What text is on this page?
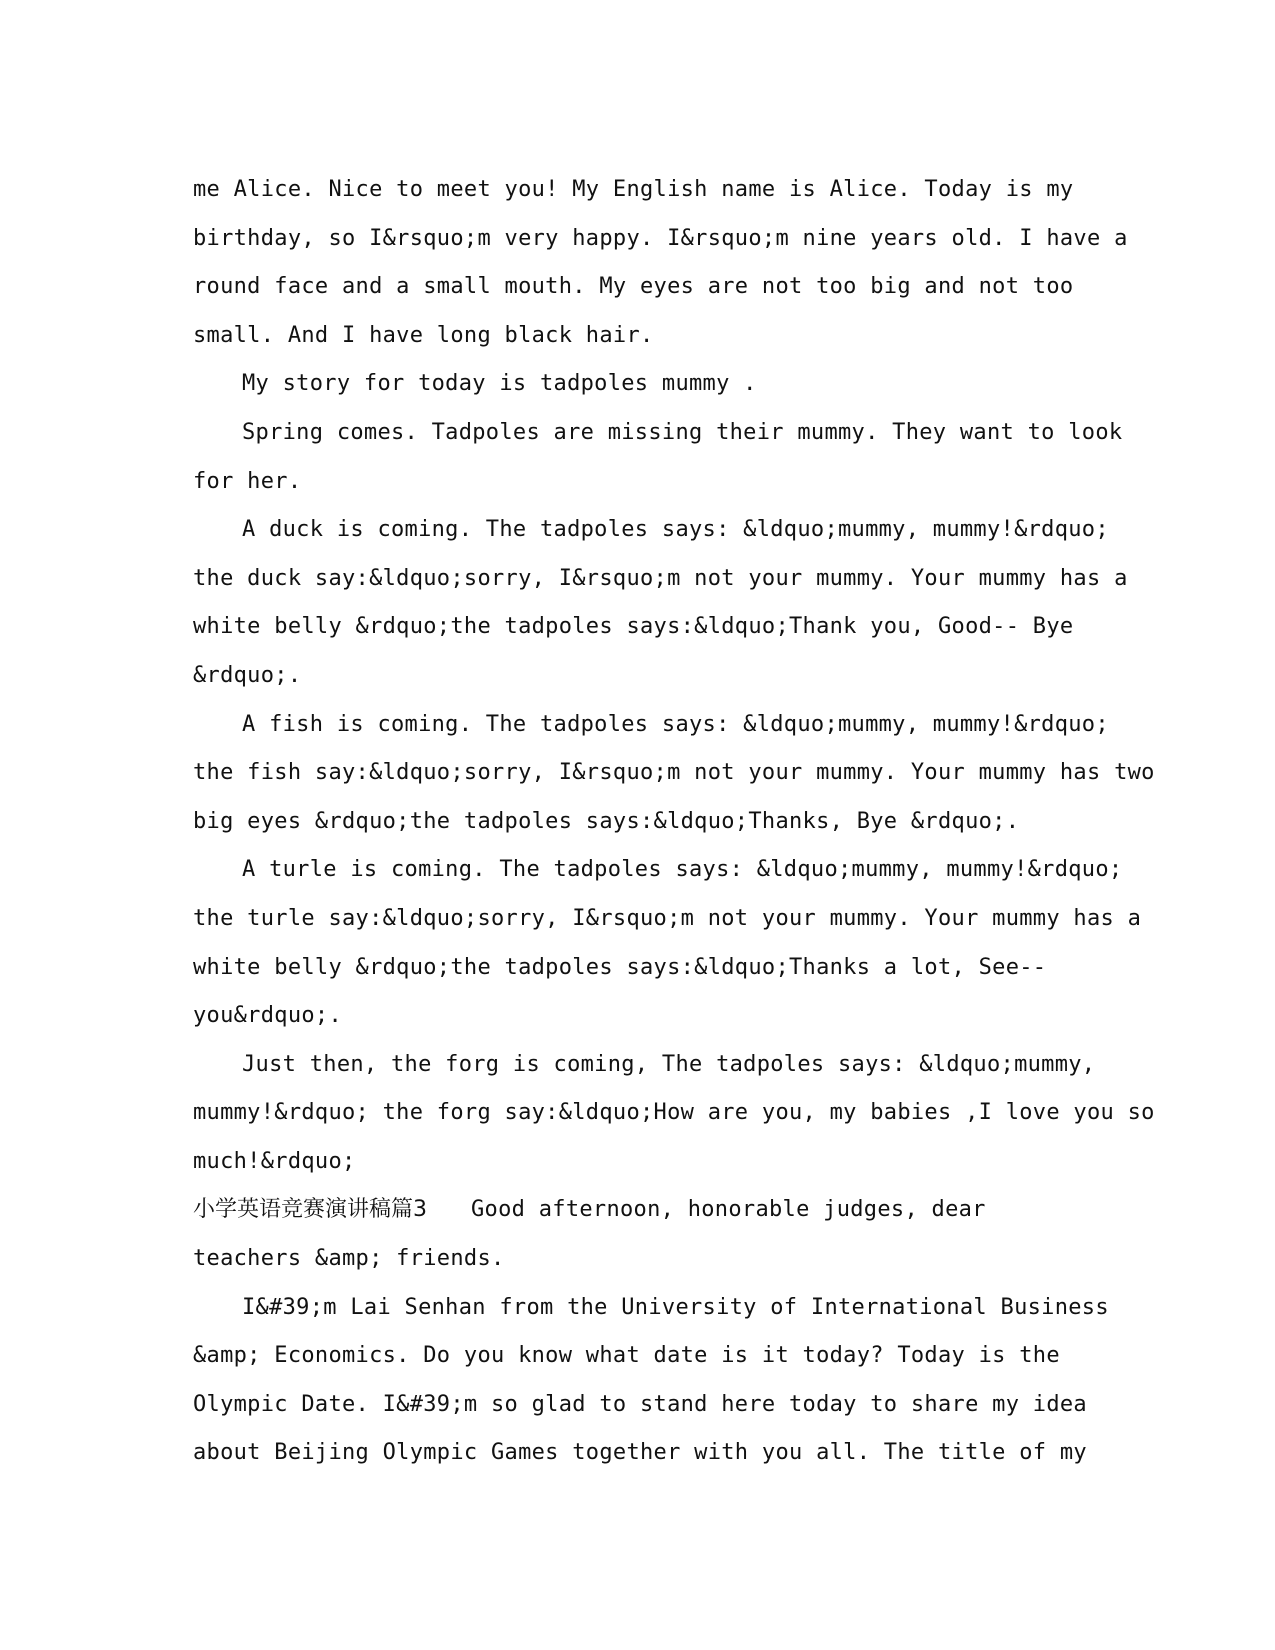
me Alice. Nice to meet you! My English name is Alice. Today is my
birthday, so I&rsquo;m very happy. I&rsquo;m nine years old. I have a
round face and a small mouth. My eyes are not too big and not too
small. And I have long black hair.
My story for today is tadpoles mummy .
Spring comes. Tadpoles are missing their mummy. They want to look
for her.
A duck is coming. The tadpoles says: &ldquo;mummy, mummy!&rdquo;
the duck say:&ldquo;sorry, I&rsquo;m not your mummy. Your mummy has a
white belly &rdquo;the tadpoles says:&ldquo;Thank you, Good-- Bye
&rdquo;.
A fish is coming. The tadpoles says: &ldquo;mummy, mummy!&rdquo;
the fish say:&ldquo;sorry, I&rsquo;m not your mummy. Your mummy has two
big eyes &rdquo;the tadpoles says:&ldquo;Thanks, Bye &rdquo;.
A turle is coming. The tadpoles says: &ldquo;mummy, mummy!&rdquo;
the turle say:&ldquo;sorry, I&rsquo;m not your mummy. Your mummy has a
white belly &rdquo;the tadpoles says:&ldquo;Thanks a lot, See--
you&rdquo;.
Just then, the forg is coming, The tadpoles says: &ldquo;mummy,
mummy!&rdquo; the forg say:&ldquo;How are you, my babies ,I love you so
much!&rdquo;
小学英语竞赛演讲稿篇3 Good afternoon, honorable judges, dear
teachers &amp; friends.
I&#39;m Lai Senhan from the University of International Business
&amp; Economics. Do you know what date is it today? Today is the
Olympic Date. I&#39;m so glad to stand here today to share my idea
about Beijing Olympic Games together with you all. The title of my
